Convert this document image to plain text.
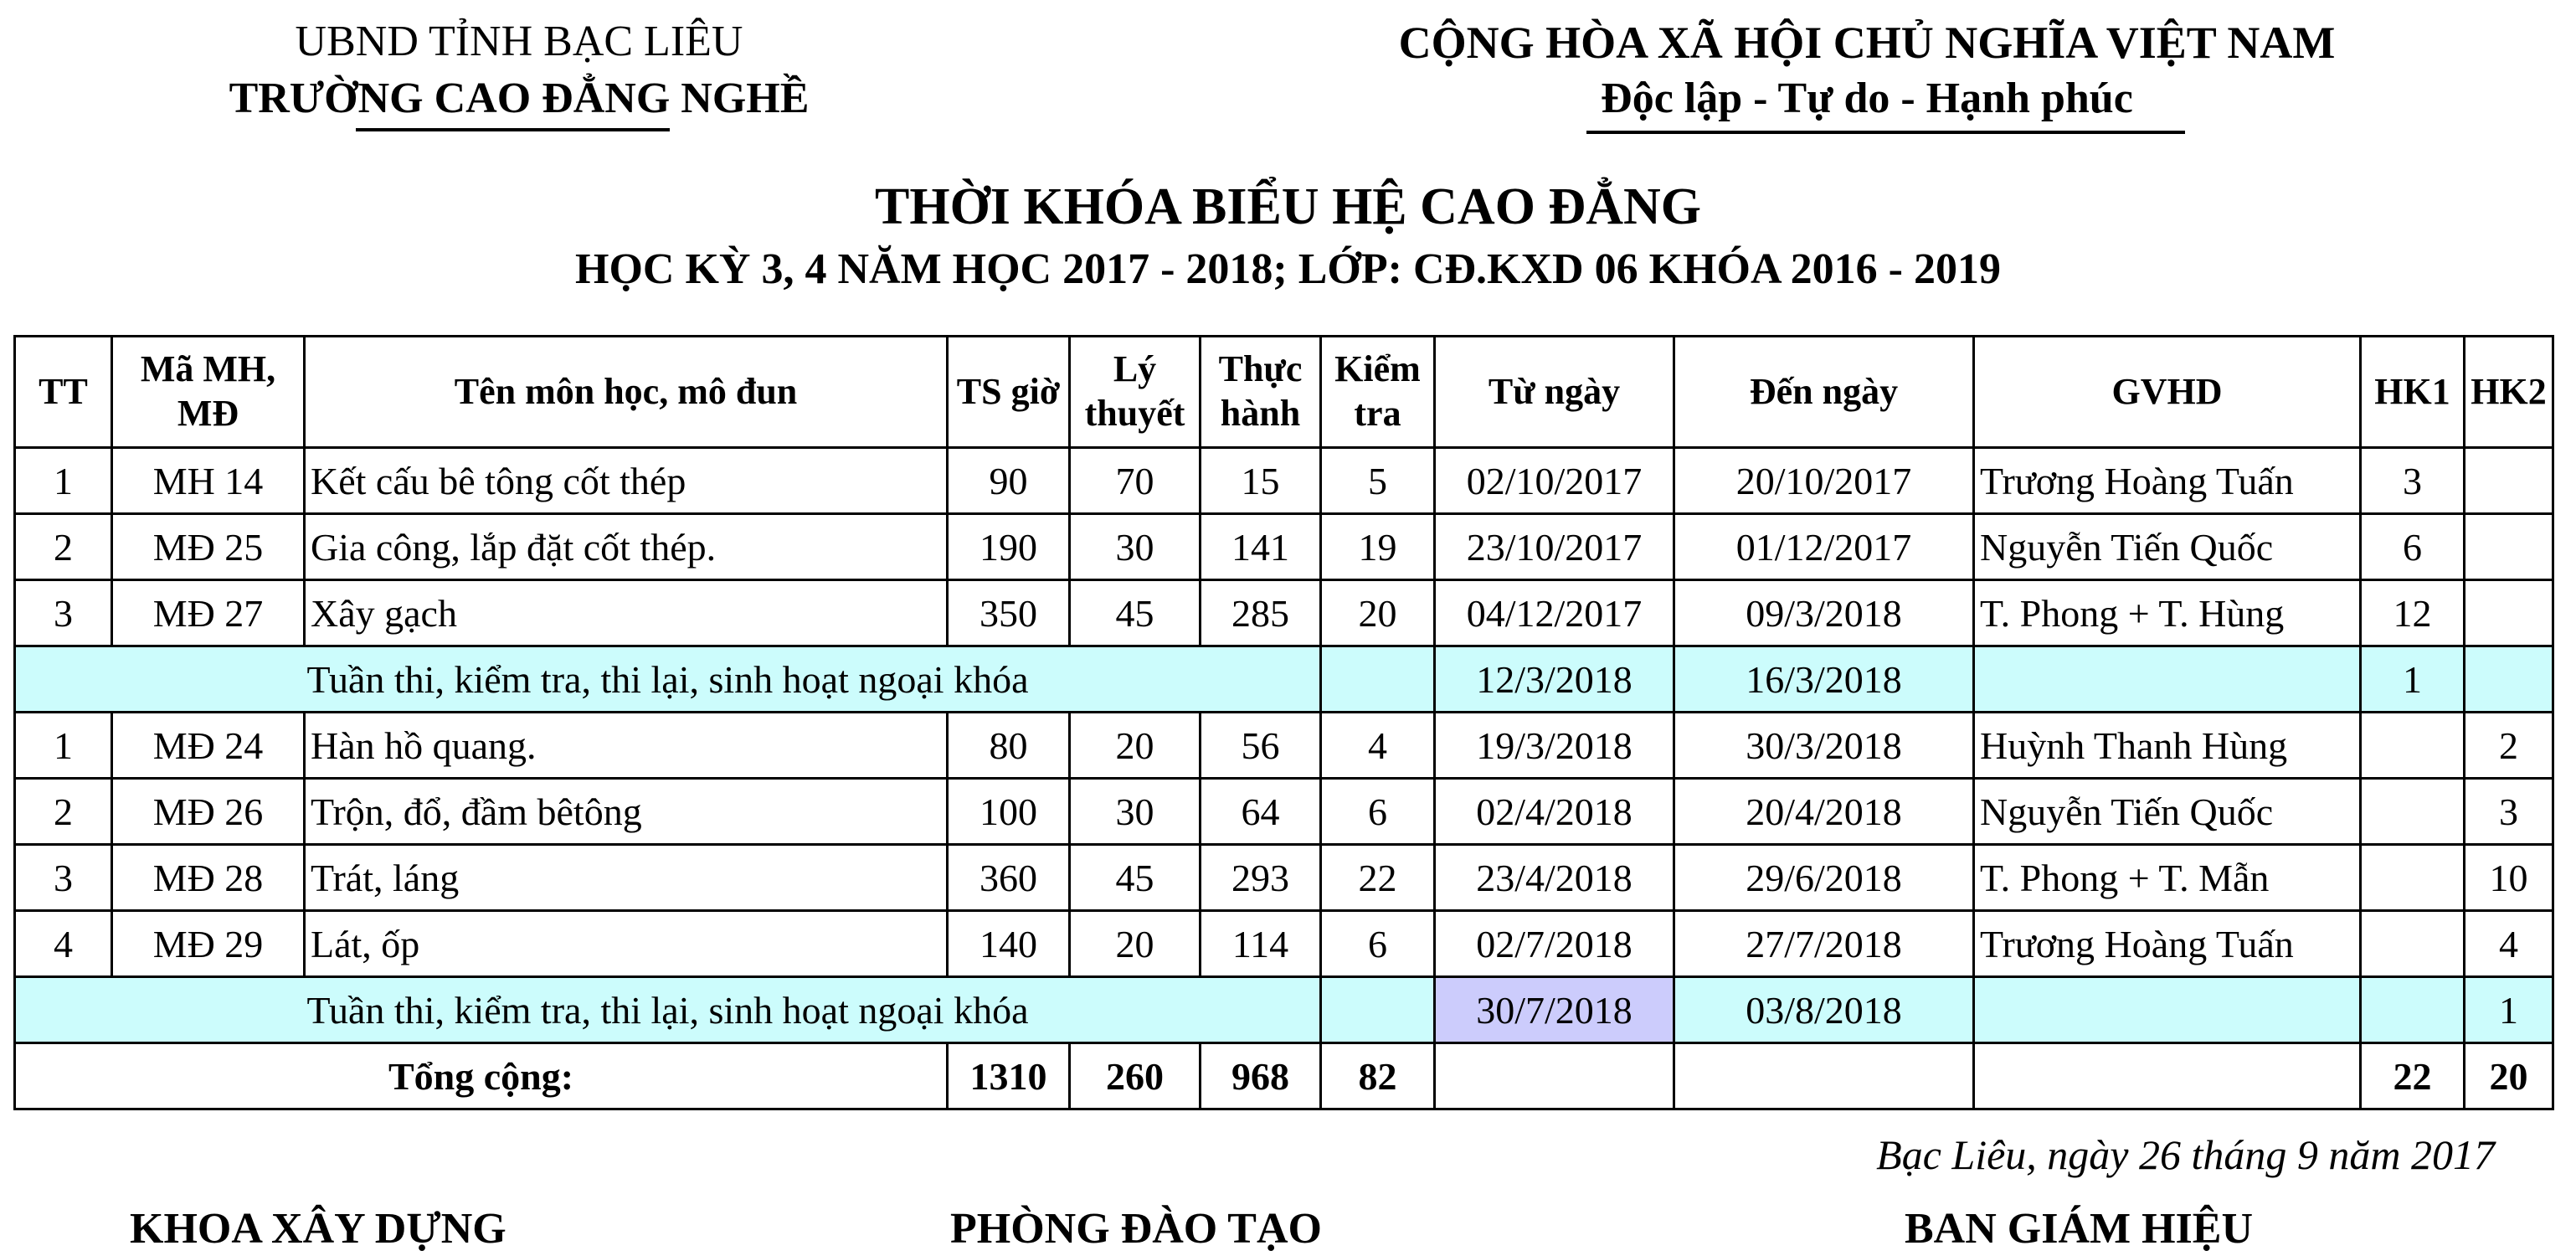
UBND TỈNH BẠC LIÊU
TRƯỜNG CAO ĐẲNG NGHỀ
CỘNG HÒA XÃ HỘI CHỦ NGHĨA VIỆT NAM
Độc lập - Tự do - Hạnh phúc
THỜI KHÓA BIỂU HỆ CAO ĐẲNG
HỌC KỲ 3, 4 NĂM HỌC 2017 - 2018; LỚP: CĐ.KXD 06 KHÓA 2016 - 2019
TT	Mã MH, MĐ	Tên môn học, mô đun	TS giờ	Lý thuyết	Thực hành	Kiểm tra	Từ ngày	Đến ngày	GVHD	HK1	HK2
1	MH 14	Kết cấu bê tông cốt thép	90	70	15	5	02/10/2017	20/10/2017	Trương Hoàng Tuấn	3	
2	MĐ 25	Gia công, lắp đặt cốt thép.	190	30	141	19	23/10/2017	01/12/2017	Nguyễn Tiến Quốc	6	
3	MĐ 27	Xây gạch	350	45	285	20	04/12/2017	09/3/2018	T. Phong + T. Hùng	12	
Tuần thi, kiểm tra, thi lại, sinh hoạt ngoại khóa							12/3/2018	16/3/2018		1	
1	MĐ 24	Hàn hồ quang.	80	20	56	4	19/3/2018	30/3/2018	Huỳnh Thanh Hùng		2
2	MĐ 26	Trộn, đổ, đầm bêtông	100	30	64	6	02/4/2018	20/4/2018	Nguyễn Tiến Quốc		3
3	MĐ 28	Trát, láng	360	45	293	22	23/4/2018	29/6/2018	T. Phong + T. Mẫn		10
4	MĐ 29	Lát, ốp	140	20	114	6	02/7/2018	27/7/2018	Trương Hoàng Tuấn		4
Tuần thi, kiểm tra, thi lại, sinh hoạt ngoại khóa							30/7/2018	03/8/2018			1
Tổng cộng:			1310	260	968	82				22	20
Bạc Liêu, ngày 26 tháng 9 năm 2017
KHOA XÂY DỰNG	PHÒNG ĐÀO TẠO	BAN GIÁM HIỆU
